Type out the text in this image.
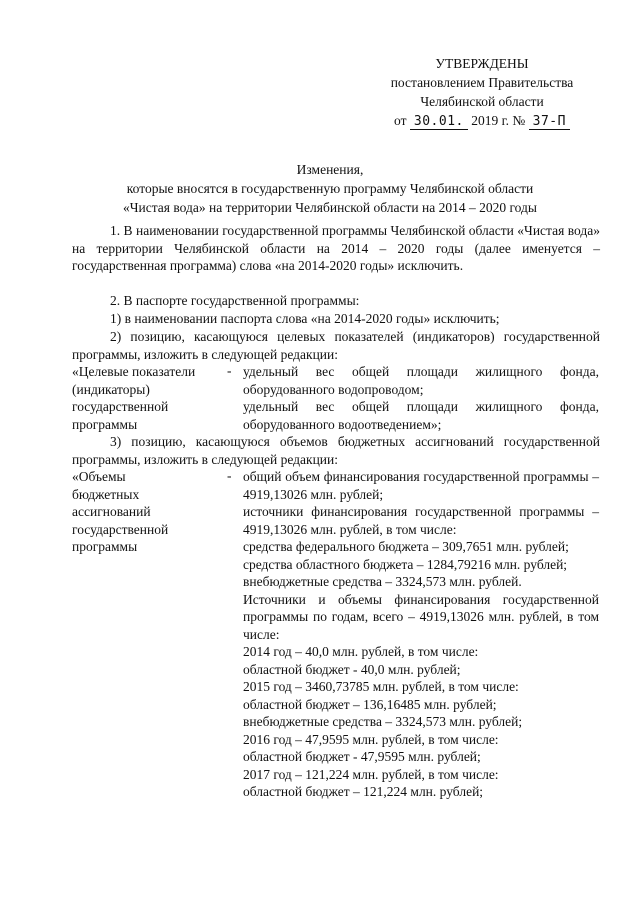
УТВЕРЖДЕНЫ
постановлением Правительства
Челябинской области
от 30.01. 2019 г. № 37-П
Изменения,
которые вносятся в государственную программу Челябинской области
«Чистая вода» на территории Челябинской области на 2014 – 2020 годы
1. В наименовании государственной программы Челябинской области «Чистая вода» на территории Челябинской области на 2014 – 2020 годы (далее именуется – государственная программа) слова «на 2014-2020 годы» исключить.
2. В паспорте государственной программы:
1) в наименовании паспорта слова «на 2014-2020 годы» исключить;
2) позицию, касающуюся целевых показателей (индикаторов) государственной программы, изложить в следующей редакции:
«Целевые показатели
(индикаторы)
государственной
программы
- удельный вес общей площади жилищного фонда, оборудованного водопроводом;
удельный вес общей площади жилищного фонда, оборудованного водоотведением»;
3) позицию, касающуюся объемов бюджетных ассигнований государственной программы, изложить в следующей редакции:
«Объемы
бюджетных
ассигнований
государственной
программы
- общий объем финансирования государственной программы – 4919,13026 млн. рублей;
источники финансирования государственной программы – 4919,13026 млн. рублей, в том числе:
средства федерального бюджета – 309,7651 млн. рублей;
средства областного бюджета – 1284,79216 млн. рублей;
внебюджетные средства – 3324,573 млн. рублей.
Источники и объемы финансирования государственной программы по годам, всего – 4919,13026 млн. рублей, в том числе:
2014 год – 40,0 млн. рублей, в том числе:
областной бюджет - 40,0 млн. рублей;
2015 год – 3460,73785 млн. рублей, в том числе:
областной бюджет – 136,16485 млн. рублей;
внебюджетные средства – 3324,573 млн. рублей;
2016 год – 47,9595 млн. рублей, в том числе:
областной бюджет - 47,9595 млн. рублей;
2017 год – 121,224 млн. рублей, в том числе:
областной бюджет – 121,224 млн. рублей;
